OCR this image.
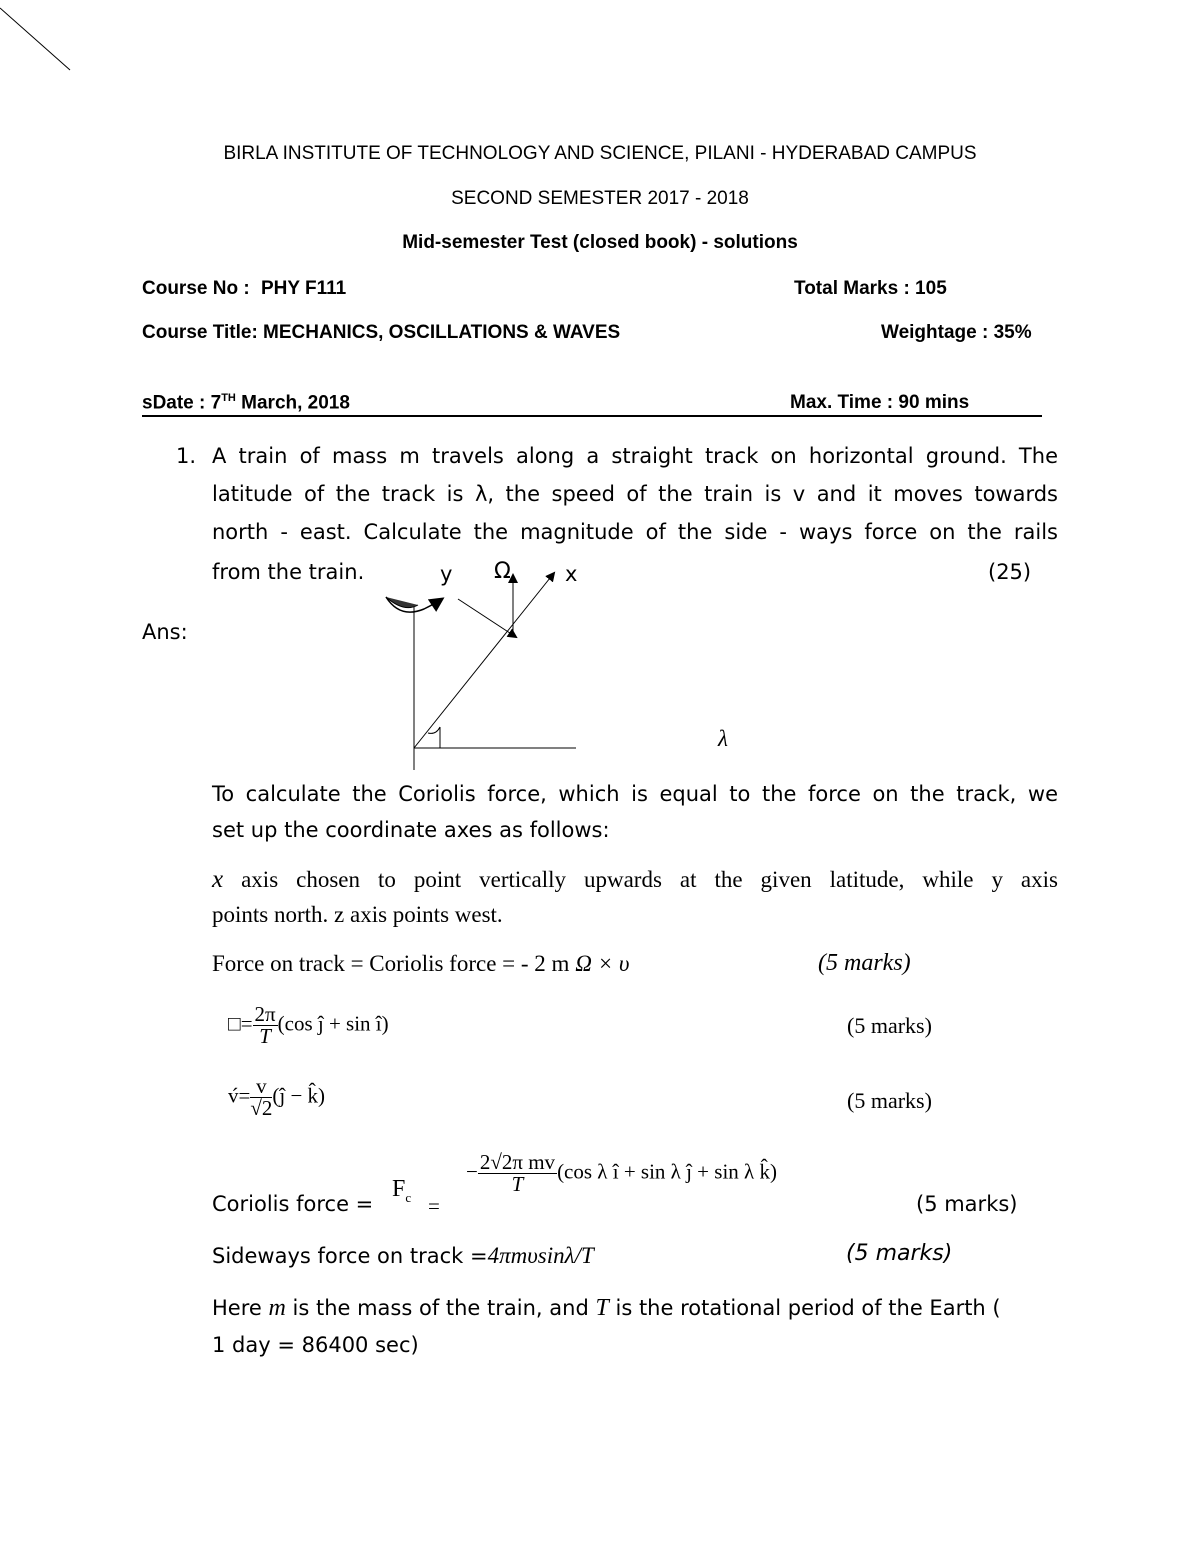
BIRLA INSTITUTE OF TECHNOLOGY AND SCIENCE, PILANI - HYDERABAD CAMPUS
SECOND SEMESTER 2017 - 2018
Mid-semester Test (closed book) - solutions
Course No : PHY F111	Total Marks : 105
Course Title: MECHANICS, OSCILLATIONS & WAVES	Weightage : 35%
sDate : 7TH March, 2018	Max. Time : 90 mins
1. A train of mass m travels along a straight track on horizontal ground. The
latitude of the track is λ, the speed of the train is v and it moves towards
north - east. Calculate the magnitude of the side - ways force on the rails
from the train.	(25)
y Ω	x
λ
Ans:
To calculate the Coriolis force, which is equal to the force on the track, we
set up the coordinate axes as follows:
x axis chosen to point vertically upwards at the given latitude, while y axis
points north. z axis points west.
Force on track = Coriolis force = - 2 m Ω × υ	(5 marks)
□= $\frac{2\pi}{T} (\cos$ ĵ + sin î)	(5 marks)
v́= $\frac{v}{√2}$ (ĵ − k̂)	(5 marks)
Coriolis force =
$F_c$ =
− $\frac{\text{2√2π mv}}{T} (\cos$ λ î + sin λ ĵ + sin λ k̂)
(5 marks)
Sideways force on track =4πmυsinλ/T	(5 marks)
Here m is the mass of the train, and T is the rotational period of the Earth (
1 day = 86400 sec)
